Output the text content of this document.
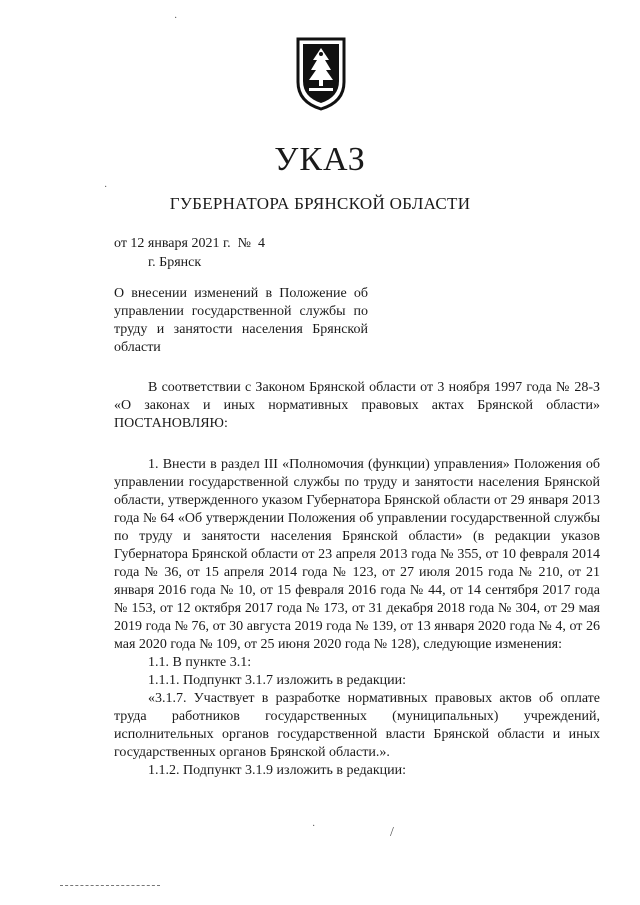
УКАЗ
ГУБЕРНАТОРА БРЯНСКОЙ ОБЛАСТИ
от 12 января 2021 г.  №  4
г. Брянск
О внесении изменений в Положение об управлении государственной службы по труду и занятости населения Брянской области

В соответствии с Законом Брянской области от 3 ноября 1997 года № 28-З «О законах и иных нормативных правовых актах Брянской области» ПОСТАНОВЛЯЮ:

1. Внести в раздел III «Полномочия (функции) управления» Положения об управлении государственной службы по труду и занятости населения Брянской области, утвержденного указом Губернатора Брянской области от 29 января 2013 года № 64 «Об утверждении Положения об управлении государственной службы по труду и занятости населения Брянской области» (в редакции указов Губернатора Брянской области от 23 апреля 2013 года № 355, от 10 февраля 2014 года № 36, от 15 апреля 2014 года № 123, от 27 июля 2015 года № 210, от 21 января 2016 года № 10, от 15 февраля 2016 года № 44, от 14 сентября 2017 года № 153, от 12 октября 2017 года № 173, от 31 декабря 2018 года № 304, от 29 мая 2019 года № 76, от 30 августа 2019 года № 139, от 13 января 2020 года № 4, от 26 мая 2020 года № 109, от 25 июня 2020 года № 128), следующие изменения:

1.1. В пункте 3.1:

1.1.1. Подпункт 3.1.7 изложить в редакции:

«3.1.7. Участвует в разработке нормативных правовых актов об оплате труда работников государственных (муниципальных) учреждений, исполнительных органов государственной власти Брянской области и иных государственных органов Брянской области.».

1.1.2. Подпункт 3.1.9 изложить в редакции:

·
·
·	/
